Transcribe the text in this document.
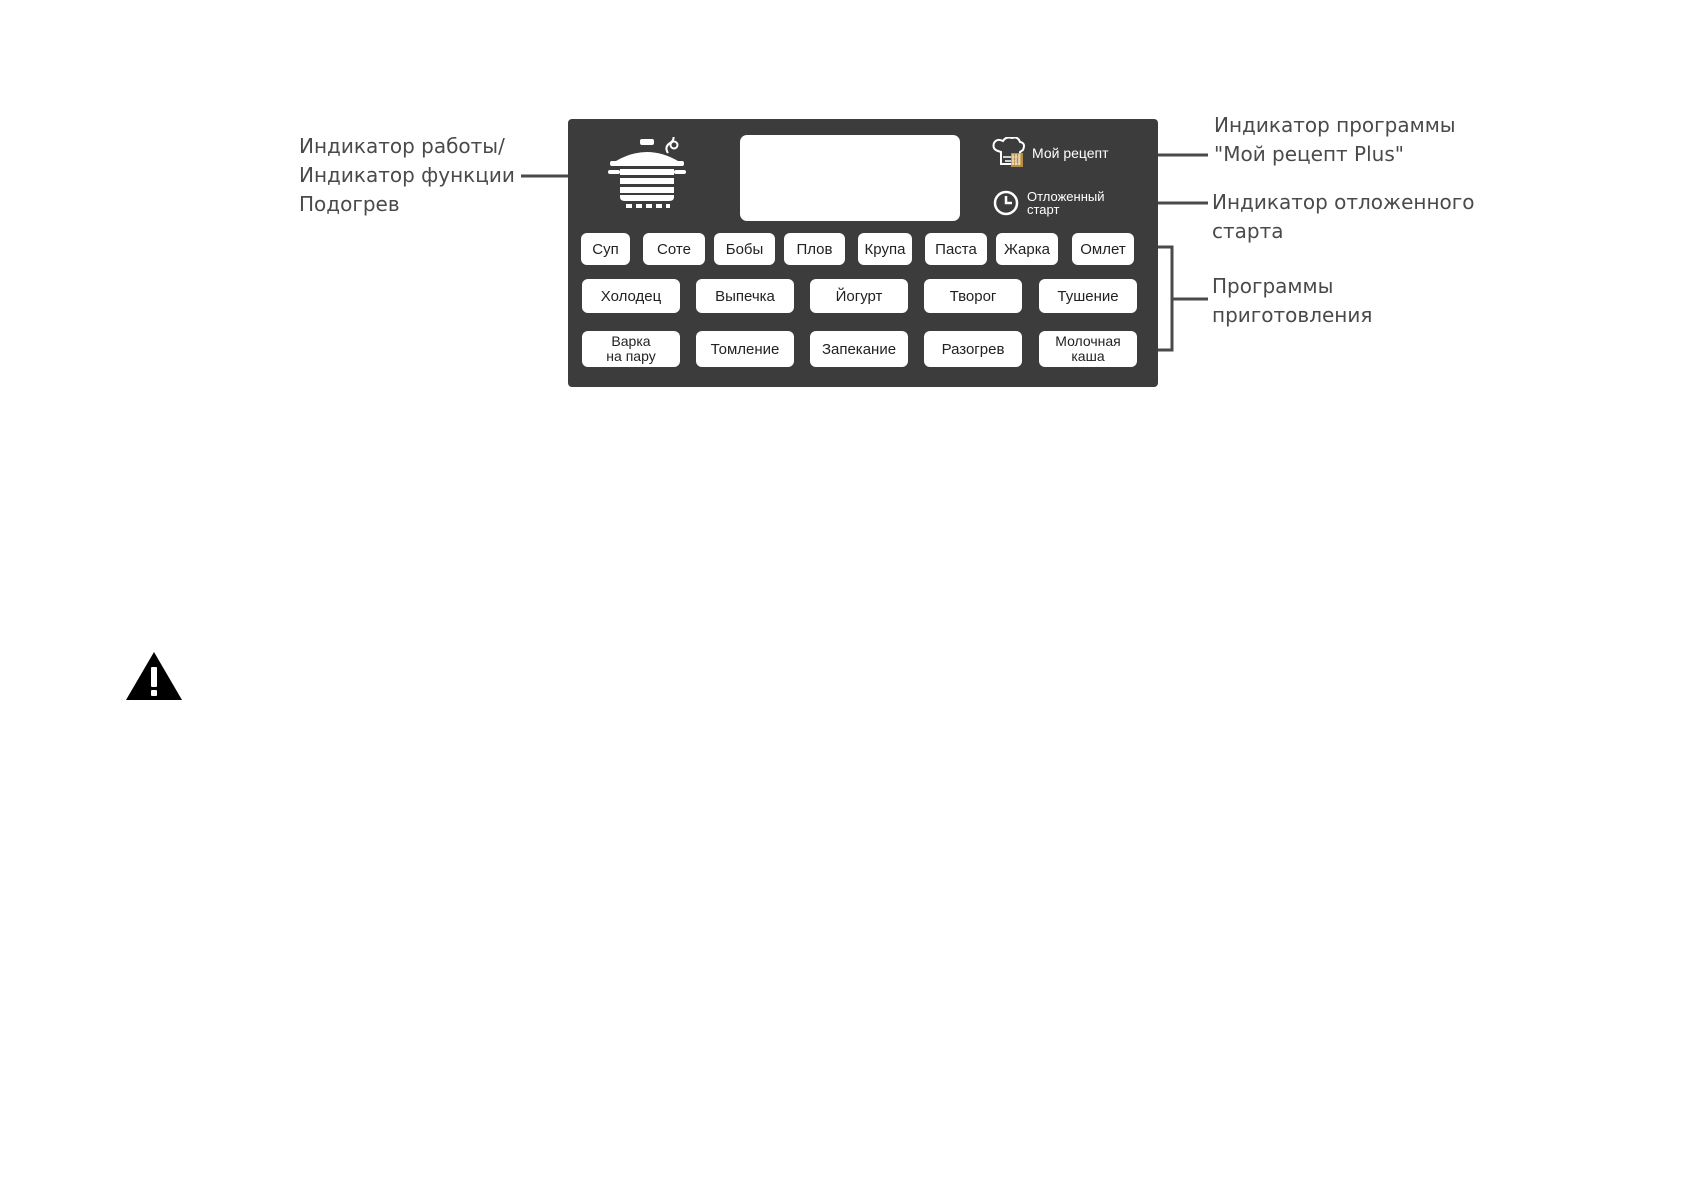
Индикатор работы/
Индикатор функции
Подогрев
Индикатор программы
"Мой рецепт Plus"
Индикатор отложенного
старта
Программы
приготовления
Мой рецепт
Отложенный
старт
Суп	Соте	Бобы	Плов	Крупа	Паста	Жарка	Омлет
Холодец	Выпечка	Йогурт	Творог	Тушение
Варка
на пару	Томление	Запекание	Разогрев	Молочная
каша
